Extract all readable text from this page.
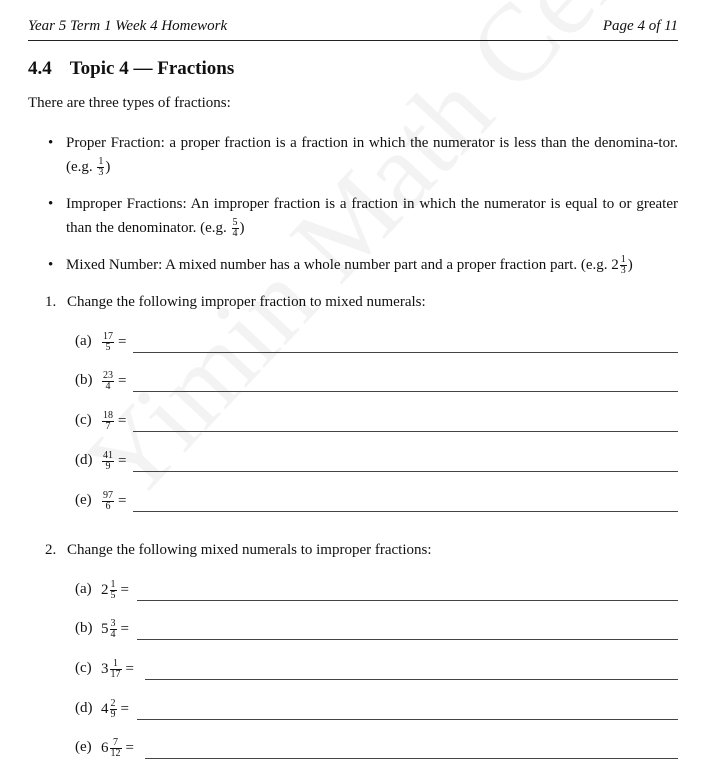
Year 5 Term 1 Week 4 Homework	Page 4 of 11
4.4 Topic 4 — Fractions
There are three types of fractions:
• Proper Fraction: a proper fraction is a fraction in which the numerator is less than the denomina-tor. (e.g. $\frac{1}{3}$ )
• Improper Fractions: An improper fraction is a fraction in which the numerator is equal to or greater than the denominator. (e.g. $\frac{5}{4}$ )
• Mixed Number: A mixed number has a whole number part and a proper fraction part. (e.g. $2 \frac{1}{3}$ )
1. Change the following improper fraction to mixed numerals:
$(a) \frac{17}{5}$ =
$(b) \frac{23}{4}$ =
$(c) \frac{18}{7}$ =
$(d) \frac{41}{9}$ =
$(e) \frac{97}{6}$ =
2. Change the following mixed numerals to improper fractions:
(a) $2 \frac{1}{5}$ =
(b) $5 \frac{3}{4}$ =
(c) $3 \frac{1}{17}$ =
(d) $4 \frac{2}{9}$ =
(e) $6 \frac{7}{12}$ =
